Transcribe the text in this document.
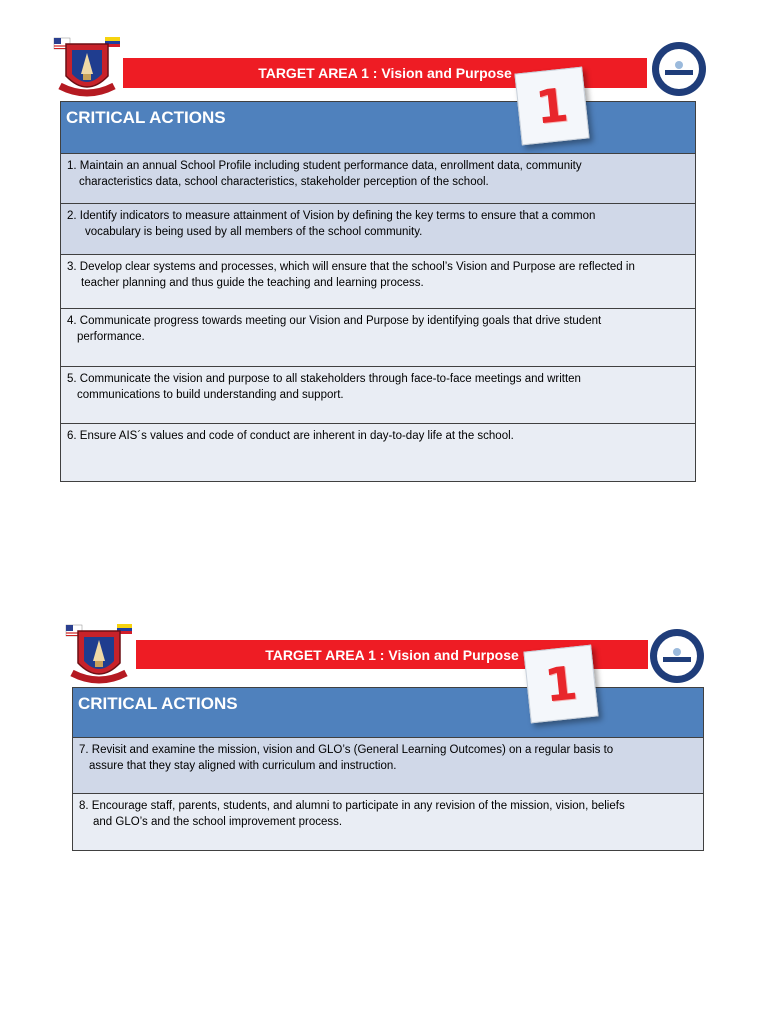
TARGET AREA 1 : Vision and Purpose
CRITICAL ACTIONS
1. Maintain an annual School Profile including student performance data, enrollment data, community
characteristics data, school characteristics, stakeholder perception of the school.
2. Identify indicators to measure attainment of Vision by defining the key terms to ensure that a common
vocabulary is being used by all members of the school community.
3. Develop clear systems and processes, which will ensure that the school’s Vision and Purpose are reflected in
teacher planning and thus guide the teaching and learning process.
4. Communicate progress towards meeting our Vision and Purpose by identifying goals that drive student
performance.
5. Communicate the vision and purpose to all stakeholders through face-to-face meetings and written
communications to build understanding and support.
6. Ensure AIS´s values and code of conduct are inherent in day-to-day life at the school.
1
TARGET AREA 1 : Vision and Purpose
CRITICAL ACTIONS
7. Revisit and examine the mission, vision and GLO’s (General Learning Outcomes) on a regular basis to
assure that they stay aligned with curriculum and instruction.
8. Encourage staff, parents, students, and alumni to participate in any revision of the mission, vision, beliefs
and GLO’s and the school improvement process.
1
